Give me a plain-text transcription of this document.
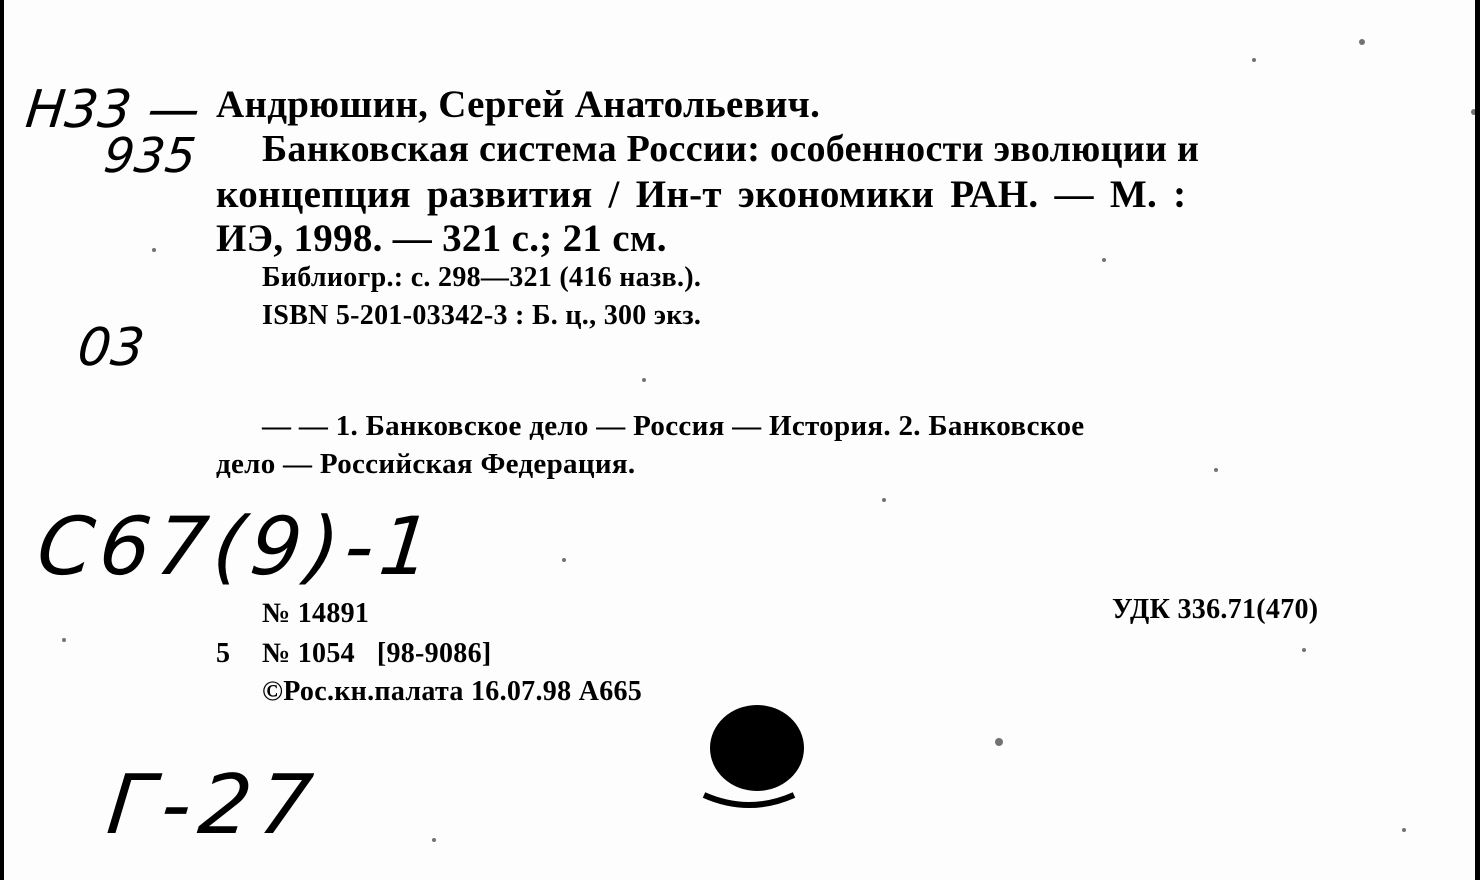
Андрюшин, Сергей Анатольевич.
Банковская система России: особенности эволюции и
концепция развития / Ин-т экономики РАН. — М. :
ИЭ, 1998. — 321 с.; 21 см.
Библиогр.: с. 298—321 (416 назв.).
ISBN 5-201-03342-3 : Б. ц., 300 экз.
— — 1. Банковское дело — Россия — История. 2. Банковское
дело — Российская Федерация.
№ 14891	УДК 336.71(470)
5 № 1054   [98-9086]
©Рос.кн.палата 16.07.98 А665
Н33 —
935
03
С67(9)-1
Г-27
